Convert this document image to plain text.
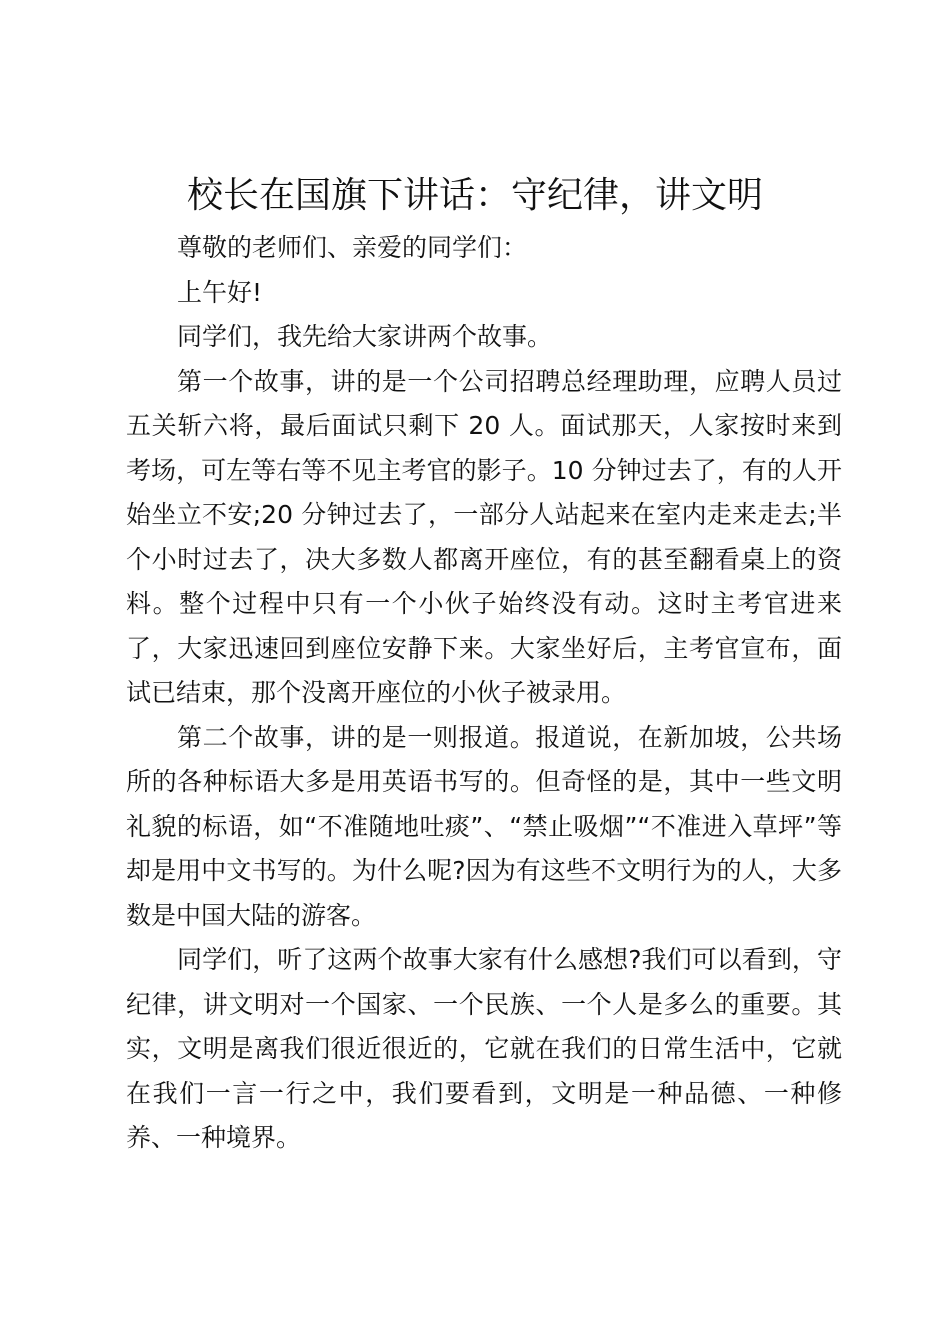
校长在国旗下讲话：守纪律，讲文明

尊敬的老师们、亲爱的同学们：

上午好!

同学们，我先给大家讲两个故事。

第一个故事，讲的是一个公司招聘总经理助理，应聘人员过五关斩六将，最后面试只剩下 20 人。面试那天，人家按时来到考场，可左等右等不见主考官的影子。10 分钟过去了，有的人开始坐立不安;20 分钟过去了，一部分人站起来在室内走来走去;半个小时过去了，决大多数人都离开座位，有的甚至翻看桌上的资料。整个过程中只有一个小伙子始终没有动。这时主考官进来了，大家迅速回到座位安静下来。大家坐好后，主考官宣布，面试已结束，那个没离开座位的小伙子被录用。

第二个故事，讲的是一则报道。报道说，在新加坡，公共场所的各种标语大多是用英语书写的。但奇怪的是，其中一些文明礼貌的标语，如“不准随地吐痰”、“禁止吸烟”“不准进入草坪”等却是用中文书写的。为什么呢?因为有这些不文明行为的人，大多数是中国大陆的游客。

同学们，听了这两个故事大家有什么感想?我们可以看到，守纪律，讲文明对一个国家、一个民族、一个人是多么的重要。其实，文明是离我们很近很近的，它就在我们的日常生活中，它就在我们一言一行之中，我们要看到，文明是一种品德、一种修养、一种境界。
